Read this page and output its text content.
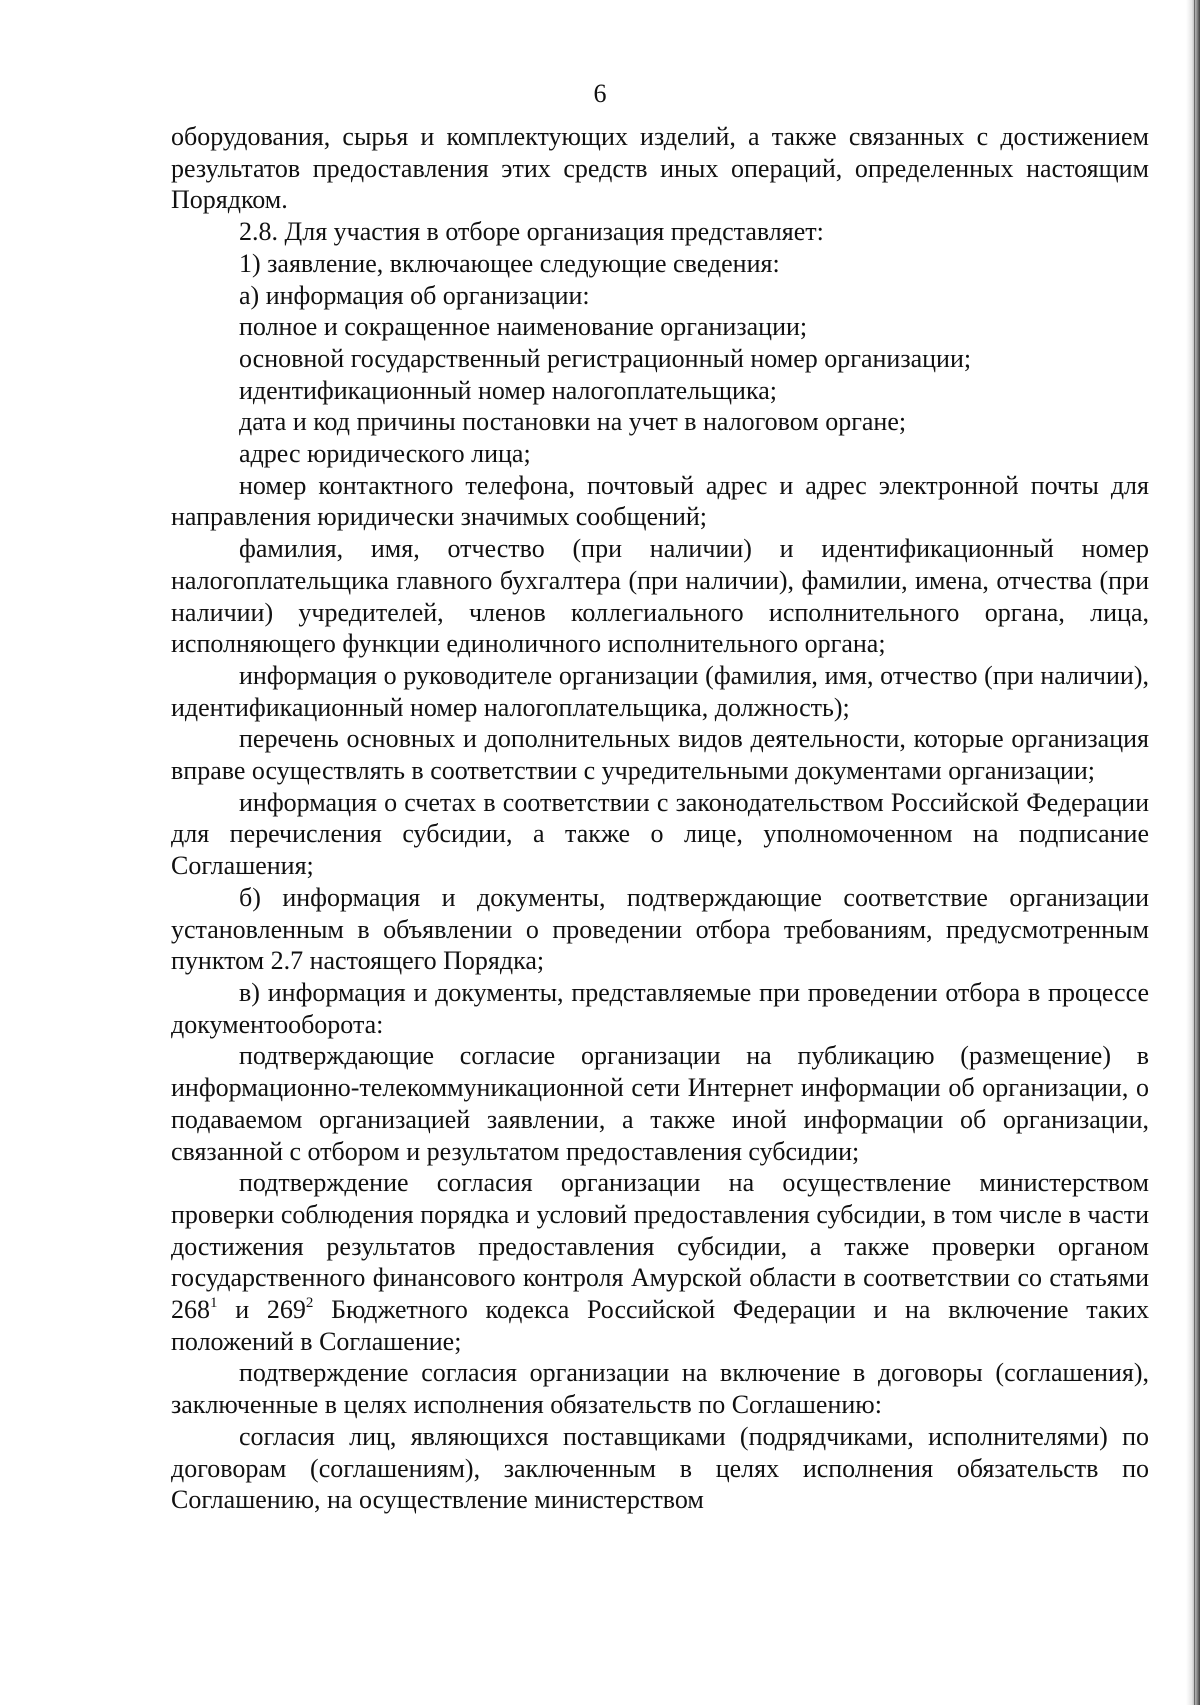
6

оборудования, сырья и комплектующих изделий, а также связанных с достижением результатов предоставления этих средств иных операций, определенных настоящим Порядком.

2.8. Для участия в отборе организация представляет:

1) заявление, включающее следующие сведения:

а) информация об организации:

полное и сокращенное наименование организации;

основной государственный регистрационный номер организации;

идентификационный номер налогоплательщика;

дата и код причины постановки на учет в налоговом органе;

адрес юридического лица;

номер контактного телефона, почтовый адрес и адрес электронной почты для направления юридически значимых сообщений;

фамилия, имя, отчество (при наличии) и идентификационный номер налогоплательщика главного бухгалтера (при наличии), фамилии, имена, отчества (при наличии) учредителей, членов коллегиального исполнительного органа, лица, исполняющего функции единоличного исполнительного органа;

информация о руководителе организации (фамилия, имя, отчество (при наличии), идентификационный номер налогоплательщика, должность);

перечень основных и дополнительных видов деятельности, которые организация вправе осуществлять в соответствии с учредительными документами организации;

информация о счетах в соответствии с законодательством Российской Федерации для перечисления субсидии, а также о лице, уполномоченном на подписание Соглашения;

б) информация и документы, подтверждающие соответствие организации установленным в объявлении о проведении отбора требованиям, предусмотренным пунктом 2.7 настоящего Порядка;

в) информация и документы, представляемые при проведении отбора в процессе документооборота:

подтверждающие согласие организации на публикацию (размещение) в информационно-телекоммуникационной сети Интернет информации об организации, о подаваемом организацией заявлении, а также иной информации об организации, связанной с отбором и результатом предоставления субсидии;

подтверждение согласия организации на осуществление министерством проверки соблюдения порядка и условий предоставления субсидии, в том числе в части достижения результатов предоставления субсидии, а также проверки органом государственного финансового контроля Амурской области в соответствии со статьями $268^1$ и $269^2$ Бюджетного кодекса Российской Федерации и на включение таких положений в Соглашение;

подтверждение согласия организации на включение в договоры (соглашения), заключенные в целях исполнения обязательств по Соглашению:

согласия лиц, являющихся поставщиками (подрядчиками, исполнителями) по договорам (соглашениям), заключенным в целях исполнения обязательств по Соглашению, на осуществление министерством
